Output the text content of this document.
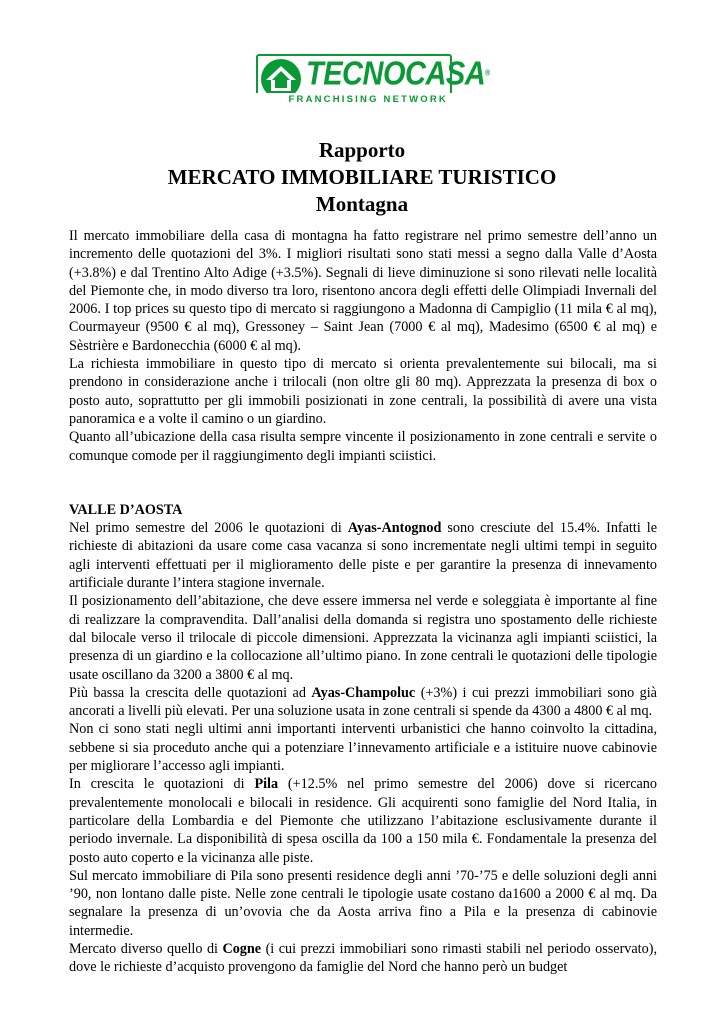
TECNOCASA®
FRANCHISING NETWORK
Rapporto
MERCATO IMMOBILIARE TURISTICO
Montagna

Il mercato immobiliare della casa di montagna ha fatto registrare nel primo semestre dell’anno un incremento delle quotazioni del 3%. I migliori risultati sono stati messi a segno dalla Valle d’Aosta (+3.8%) e dal Trentino Alto Adige (+3.5%). Segnali di lieve diminuzione si sono rilevati nelle località del Piemonte che, in modo diverso tra loro, risentono ancora degli effetti delle Olimpiadi Invernali del 2006. I top prices su questo tipo di mercato si raggiungono a Madonna di Campiglio (11 mila € al mq), Courmayeur (9500 € al mq), Gressoney – Saint Jean (7000 € al mq), Madesimo (6500 € al mq) e Sèstrière e Bardonecchia (6000 € al mq).

La richiesta immobiliare in questo tipo di mercato si orienta prevalentemente sui bilocali, ma si prendono in considerazione anche i trilocali (non oltre gli 80 mq). Apprezzata la presenza di box o posto auto, soprattutto per gli immobili posizionati in zone centrali, la possibilità di avere una vista panoramica e a volte il camino o un giardino.

Quanto all’ubicazione della casa risulta sempre vincente il posizionamento in zone centrali e servite o comunque comode per il raggiungimento degli impianti sciistici.

VALLE D’AOSTA

Nel primo semestre del 2006 le quotazioni di Ayas-Antognod sono cresciute del 15.4%. Infatti le richieste di abitazioni da usare come casa vacanza si sono incrementate negli ultimi tempi in seguito agli interventi effettuati per il miglioramento delle piste e per garantire la presenza di innevamento artificiale durante l’intera stagione invernale.

Il posizionamento dell’abitazione, che deve essere immersa nel verde e soleggiata è importante al fine di realizzare la compravendita. Dall’analisi della domanda si registra uno spostamento delle richieste dal bilocale verso il trilocale di piccole dimensioni. Apprezzata la vicinanza agli impianti sciistici, la presenza di un giardino e la collocazione all’ultimo piano. In zone centrali le quotazioni delle tipologie usate oscillano da 3200 a 3800 € al mq.

Più bassa la crescita delle quotazioni ad Ayas-Champoluc (+3%) i cui prezzi immobiliari sono già ancorati a livelli più elevati. Per una soluzione usata in zone centrali si spende da 4300 a 4800 € al mq.

Non ci sono stati negli ultimi anni importanti interventi urbanistici che hanno coinvolto la cittadina, sebbene si sia proceduto anche qui a potenziare l’innevamento artificiale e a istituire nuove cabinovie per migliorare l’accesso agli impianti.

In crescita le quotazioni di Pila (+12.5% nel primo semestre del 2006) dove si ricercano prevalentemente monolocali e bilocali in residence. Gli acquirenti sono famiglie del Nord Italia, in particolare della Lombardia e del Piemonte che utilizzano l’abitazione esclusivamente durante il periodo invernale. La disponibilità di spesa oscilla da 100 a 150 mila €. Fondamentale la presenza del posto auto coperto e la vicinanza alle piste.

Sul mercato immobiliare di Pila sono presenti residence degli anni ’70-’75 e delle soluzioni degli anni ’90, non lontano dalle piste. Nelle zone centrali le tipologie usate costano da1600 a 2000 € al mq. Da segnalare la presenza di un’ovovia che da Aosta arriva fino a Pila e la presenza di cabinovie intermedie.

Mercato diverso quello di Cogne (i cui prezzi immobiliari sono rimasti stabili nel periodo osservato), dove le richieste d’acquisto provengono da famiglie del Nord che hanno però un budget
